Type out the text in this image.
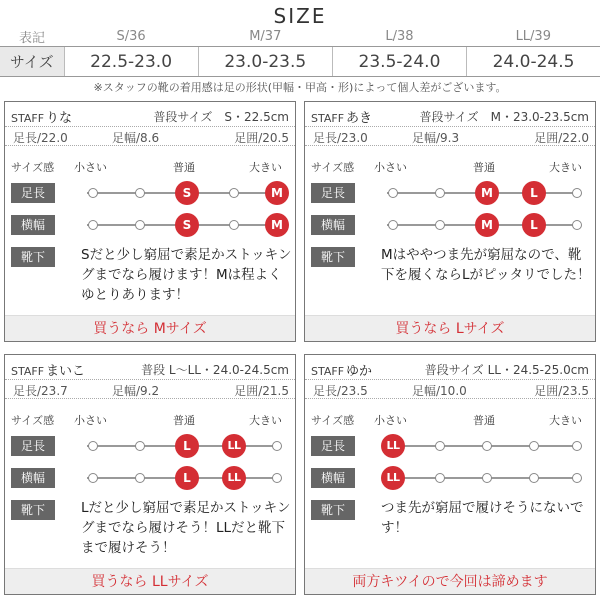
SIZE
表記	S/36	M/37	L/38	LL/39
サイズ	22.5-23.0	23.0-23.5	23.5-24.0	24.0-24.5
※スタッフの靴の着用感は足の形状(甲幅・甲高・形)によって個人差がございます。
STAFF りな	普段サイズ　S・22.5cm
足長/22.0	足幅/8.6	足囲/20.5
サイズ感 小さい	普通	大きい
足長
横幅
靴下	Sだと少し窮屈で素足かストッキングまでなら履けます！Mは程よくゆとりあります！
買うなら Mサイズ
S	M
S	M
STAFF あき	普段サイズ　M・23.0-23.5cm
足長/23.0	足幅/9.3	足囲/22.0
サイズ感 小さい	普通	大きい
足長
横幅
靴下	Mはややつま先が窮屈なので、靴下を履くならLがピッタリでした！
買うなら Lサイズ
M	L
M	L
STAFF まいこ	普段 L〜LL・24.0-24.5cm
足長/23.7	足幅/9.2	足囲/21.5
サイズ感 小さい	普通	大きい
足長
横幅
靴下	Lだと少し窮屈で素足かストッキングまでなら履けそう！LLだと靴下まで履けそう！
買うなら LLサイズ
L	LL
L	LL
STAFF ゆか	普段サイズ LL・24.5-25.0cm
足長/23.5	足幅/10.0	足囲/23.5
サイズ感 小さい	普通	大きい
足長
横幅
靴下	つま先が窮屈で履けそうにないです！
両方キツイので今回は諦めます
LL
LL
